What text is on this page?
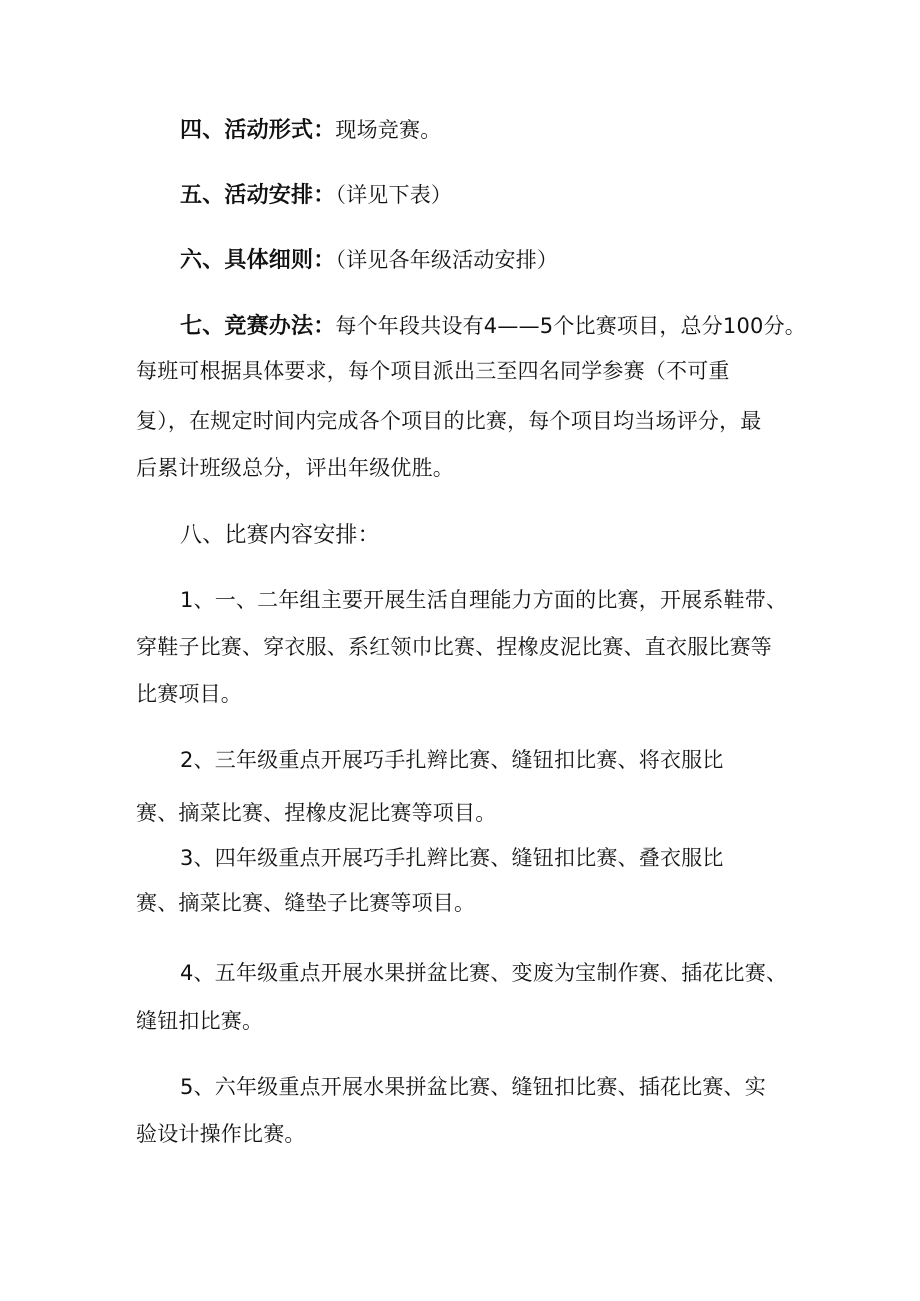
四、活动形式：现场竞赛。
五、活动安排：（详见下表）
六、具体细则：（详见各年级活动安排）
七、竞赛办法：每个年段共设有4——5个比赛项目，总分100分。
每班可根据具体要求，每个项目派出三至四名同学参赛（不可重
复），在规定时间内完成各个项目的比赛，每个项目均当场评分，最
后累计班级总分，评出年级优胜。
八、比赛内容安排：
1、一、二年组主要开展生活自理能力方面的比赛，开展系鞋带、
穿鞋子比赛、穿衣服、系红领巾比赛、捏橡皮泥比赛、直衣服比赛等
比赛项目。
2、三年级重点开展巧手扎辫比赛、缝钮扣比赛、将衣服比
赛、摘菜比赛、捏橡皮泥比赛等项目。
3、四年级重点开展巧手扎辫比赛、缝钮扣比赛、叠衣服比
赛、摘菜比赛、缝垫子比赛等项目。
4、五年级重点开展水果拼盆比赛、变废为宝制作赛、插花比赛、
缝钮扣比赛。
5、六年级重点开展水果拼盆比赛、缝钮扣比赛、插花比赛、实
验设计操作比赛。
